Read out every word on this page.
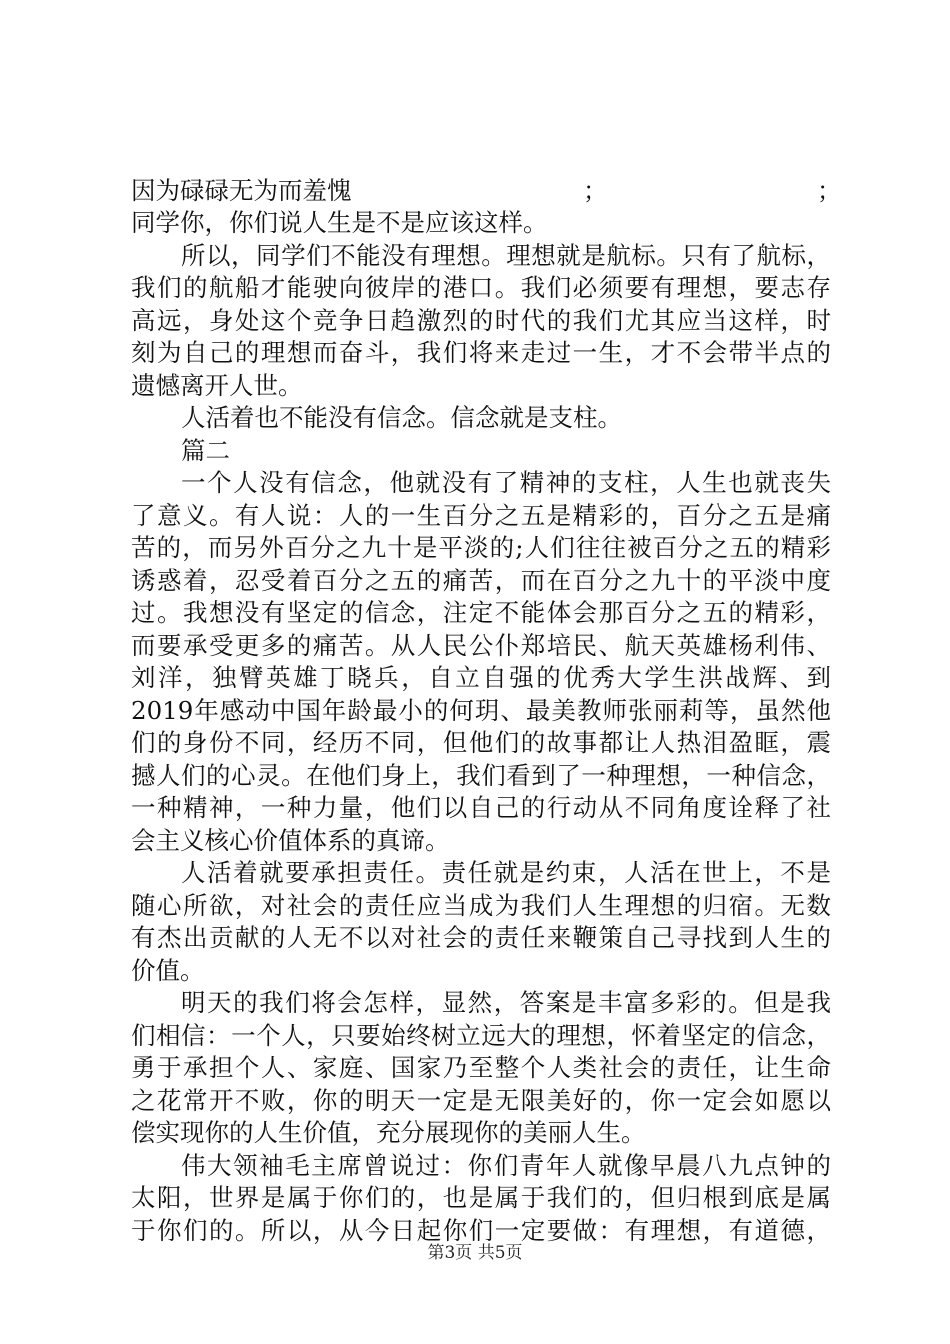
因为碌碌无为而羞愧	；	；
同学你，你们说人生是不是应该这样。
所以，同学们不能没有理想。理想就是航标。只有了航标，
我们的航船才能驶向彼岸的港口。我们必须要有理想，要志存
高远，身处这个竞争日趋激烈的时代的我们尤其应当这样，时
刻为自己的理想而奋斗，我们将来走过一生，才不会带半点的
遗憾离开人世。
人活着也不能没有信念。信念就是支柱。
篇二
一个人没有信念，他就没有了精神的支柱，人生也就丧失
了意义。有人说：人的一生百分之五是精彩的，百分之五是痛
苦的，而另外百分之九十是平淡的;人们往往被百分之五的精彩
诱惑着，忍受着百分之五的痛苦，而在百分之九十的平淡中度
过。我想没有坚定的信念，注定不能体会那百分之五的精彩，
而要承受更多的痛苦。从人民公仆郑培民、航天英雄杨利伟、
刘洋，独臂英雄丁晓兵，自立自强的优秀大学生洪战辉、到
2019年感动中国年龄最小的何玥、最美教师张丽莉等，虽然他
们的身份不同，经历不同，但他们的故事都让人热泪盈眶，震
撼人们的心灵。在他们身上，我们看到了一种理想，一种信念，
一种精神，一种力量，他们以自己的行动从不同角度诠释了社
会主义核心价值体系的真谛。
人活着就要承担责任。责任就是约束，人活在世上，不是
随心所欲，对社会的责任应当成为我们人生理想的归宿。无数
有杰出贡献的人无不以对社会的责任来鞭策自己寻找到人生的
价值。
明天的我们将会怎样，显然，答案是丰富多彩的。但是我
们相信：一个人，只要始终树立远大的理想，怀着坚定的信念，
勇于承担个人、家庭、国家乃至整个人类社会的责任，让生命
之花常开不败，你的明天一定是无限美好的，你一定会如愿以
偿实现你的人生价值，充分展现你的美丽人生。
伟大领袖毛主席曾说过：你们青年人就像早晨八九点钟的
太阳，世界是属于你们的，也是属于我们的，但归根到底是属
于你们的。所以，从今日起你们一定要做：有理想，有道德，
第3页 共5页
